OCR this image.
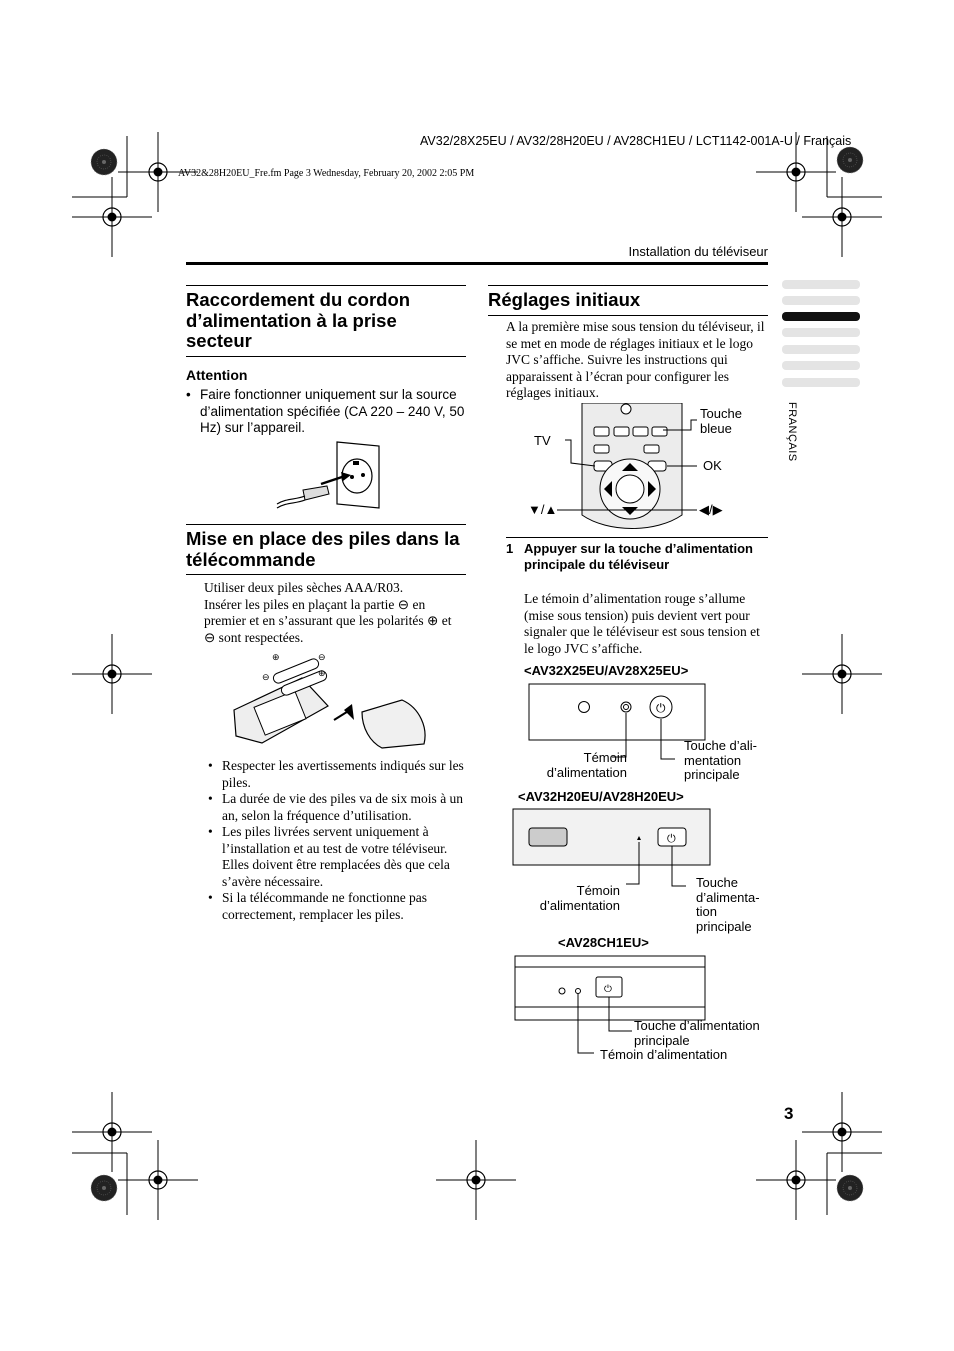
AV32/28X25EU / AV32/28H20EU / AV28CH1EU / LCT1142-001A-U / Français
AV32&28H20EU_Fre.fm Page 3 Wednesday, February 20, 2002 2:05 PM
Installation du téléviseur
FRANÇAIS
Raccordement du cordon d’alimentation à la prise secteur
Attention
• Faire fonctionner uniquement sur la source d’alimentation spécifiée (CA 220 – 240 V, 50 Hz) sur l’appareil.
Mise en place des piles dans la télécommande
Utiliser deux piles sèches AAA/R03.
Insérer les piles en plaçant la partie ⊖ en premier et en s’assurant que les polarités ⊕ et ⊖ sont respectées.
⊕
⊕
⊖
⊖
• Respecter les avertissements indiqués sur les piles.
• La durée de vie des piles va de six mois à un an, selon la fréquence d’utilisation.
• Les piles livrées servent uniquement à l’installation et au test de votre téléviseur. Elles doivent être remplacées dès que cela s’avère nécessaire.
• Si la télécommande ne fonctionne pas correctement, remplacer les piles.
Réglages initiaux
A la première mise sous tension du téléviseur, il se met en mode de réglages initiaux et le logo JVC s’affiche. Suivre les instructions qui apparaissent à l’écran pour configurer les réglages initiaux.
Touche bleue
TV
OK
▼/▲	◀/▶
1 Appuyer sur la touche d’alimentation principale du téléviseur
Le témoin d’alimentation rouge s’allume (mise sous tension) puis devient vert pour signaler que le téléviseur est sous tension et le logo JVC s’affiche.
<AV32X25EU/AV28X25EU>
⏻
Témoin d’alimentation
Touche d’ali-mentation principale
<AV32H20EU/AV28H20EU>
⏻
Témoin d’alimentation
Touche d’alimenta-tion principale
<AV28CH1EU>
⏻
Touche d’alimentation principale
Témoin d’alimentation
3
